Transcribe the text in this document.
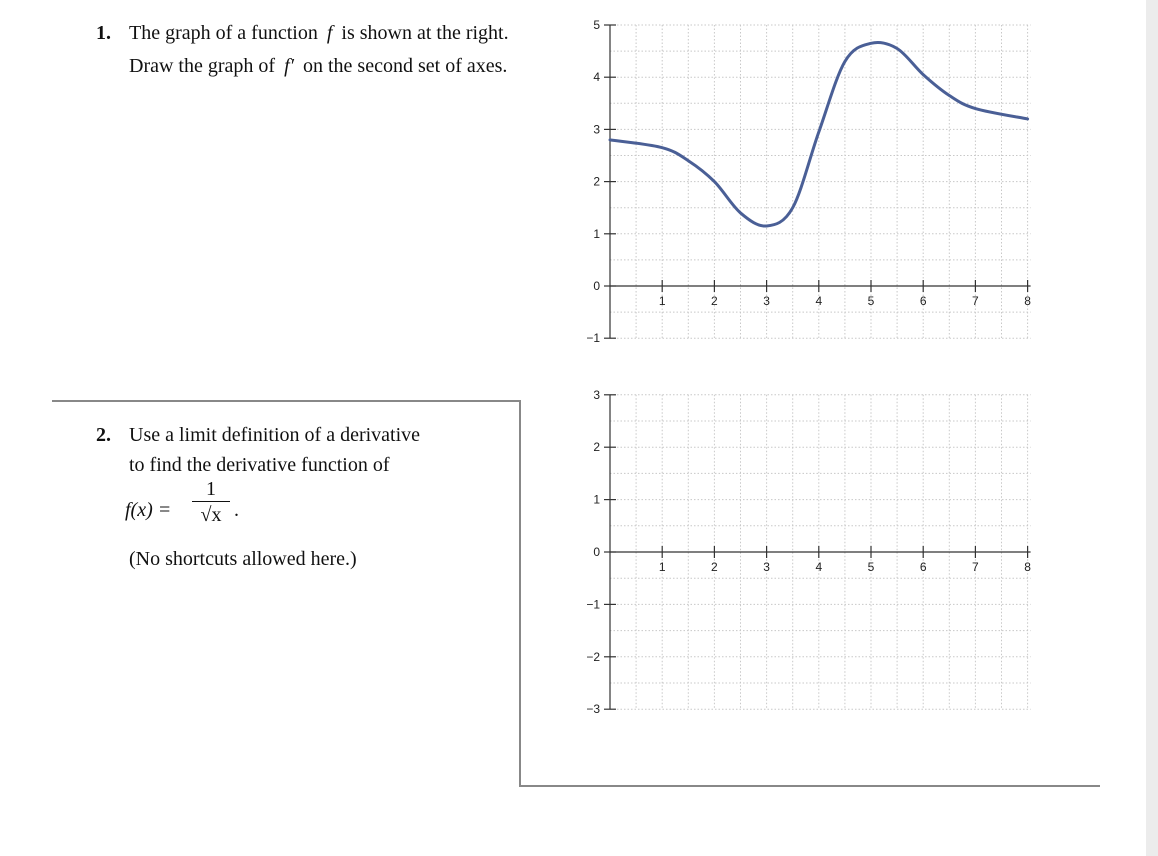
1. The graph of a function f is shown at the right.
Draw the graph of f′ on the second set of axes.
2. Use a limit definition of a derivative
to find the derivative function of
f(x) =
1
√x .
(No shortcuts allowed here.)
5
4
3
2
1
0
−1
1	2	3	4	5	6	7	8
3
2
1
0
−1
−2
−3
1	2	3	4	5	6	7	8
